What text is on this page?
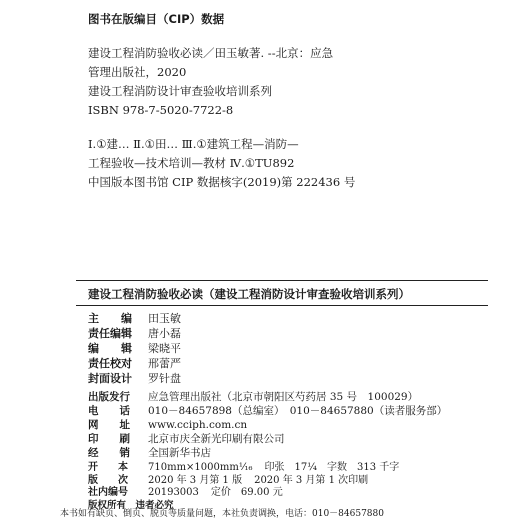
图书在版编目（CIP）数据

建设工程消防验收必读／田玉敏著. --北京：应急

管理出版社，2020

建设工程消防设计审查验收培训系列

ISBN 978-7-5020-7722-8

Ⅰ.①建… Ⅱ.①田… Ⅲ.①建筑工程—消防—

工程验收—技术培训—教材 Ⅳ.①TU892

中国版本图书馆 CIP 数据核字(2019)第 222436 号

建设工程消防验收必读（建设工程消防设计审查验收培训系列）
主　　编 田玉敏
责任编辑 唐小磊
编　　辑 梁晓平
责任校对 邢蕾严
封面设计 罗针盘
出版发行 应急管理出版社（北京市朝阳区芍药居 35 号　100029）
电　　话 010－84657898（总编室）　010－84657880（读者服务部）
网　　址 www.cciph.com.cn
印　　刷 北京市庆全新光印刷有限公司
经　　销 全国新华书店
开　　本 710mm×1000mm¹⁄₁₆ 印张　17¼　字数　313 千字
版　　次 2020 年 3 月第 1 版 2020 年 3 月第 1 次印刷
社内编号 20193003 定价　69.00 元
版权所有　违者必究
本书如有缺页、倒页、脱页等质量问题，本社负责调换，电话：010－84657880
